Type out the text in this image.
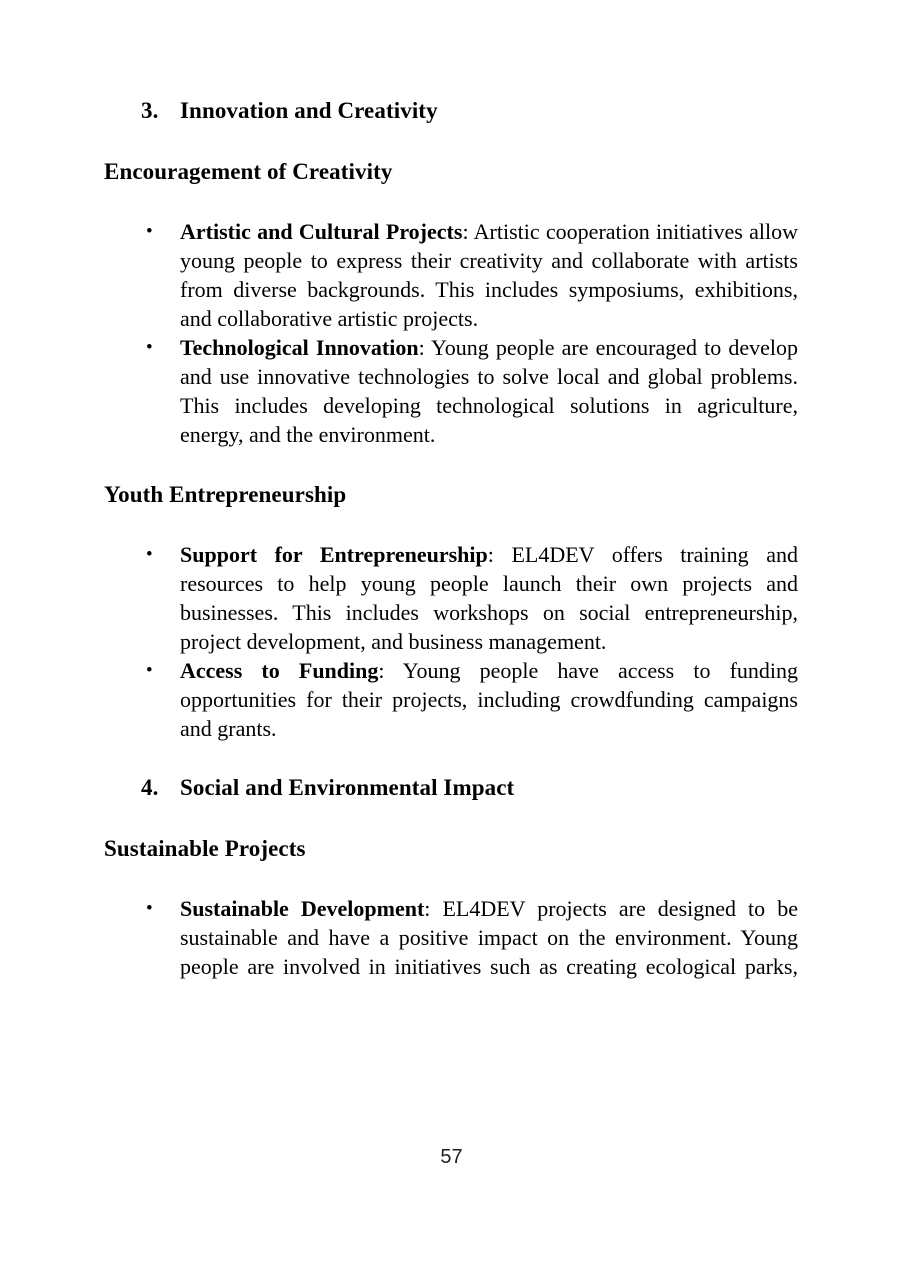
3. Innovation and Creativity
Encouragement of Creativity
• Artistic and Cultural Projects: Artistic cooperation initiatives allow young people to express their creativity and collaborate with artists from diverse backgrounds. This includes symposiums, exhibitions, and collaborative artistic projects.
• Technological Innovation: Young people are encouraged to develop and use innovative technologies to solve local and global problems. This includes developing technological solutions in agriculture, energy, and the environment.
Youth Entrepreneurship
• Support for Entrepreneurship: EL4DEV offers training and resources to help young people launch their own projects and businesses. This includes workshops on social entrepreneurship, project development, and business management.
• Access to Funding: Young people have access to funding opportunities for their projects, including crowdfunding campaigns and grants.
4. Social and Environmental Impact
Sustainable Projects
• Sustainable Development: EL4DEV projects are designed to be sustainable and have a positive impact on the environment. Young people are involved in initiatives such as creating ecological parks,
57
